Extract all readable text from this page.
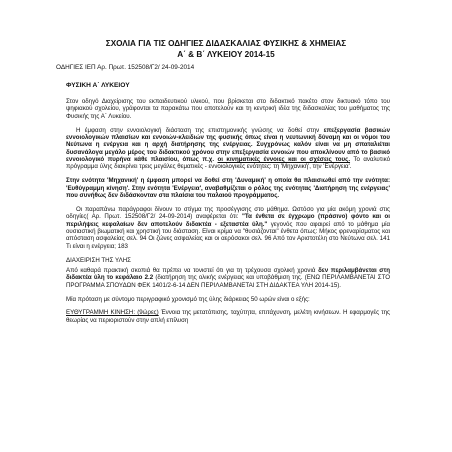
ΣΧΟΛΙΑ ΓΙΑ ΤΙΣ ΟΔΗΓΙΕΣ ΔΙΔΑΣΚΑΛΙΑΣ ΦΥΣΙΚΗΣ & ΧΗΜΕΙΑΣ
Α΄ & Β΄ ΛΥΚΕΙΟΥ 2014-15
ΟΔΗΓΙΕΣ ΙΕΠ Αρ. Πρωτ. 152508/Γ2/ 24-09-2014
ΦΥΣΙΚΗ Α΄ ΛΥΚΕΙΟΥ

Στον οδηγό Διαχείρισης του εκπαιδευτικού υλικού, που βρίσκεται στο διδακτικό πακέτο στον δικτυακό τόπο του ψηφιακού σχολείου, γράφονται τα παρακάτω που αποτελούν και τη κεντρική ιδέα της διδασκαλίας του μαθήματος της Φυσικής της Α΄ Λυκείου.

Η έμφαση στην εννοιολογική διάσταση της επιστημονικής γνώσης να δοθεί στην επεξεργασία βασικών εννοιολογικών πλαισίων και εννοιών-κλειδιών της φυσικής όπως είναι η νευτωνική δύναμη και οι νόμοι του Νεύτωνα η ενέργεια και η αρχή διατήρησης της ενέργειας. Συγχρόνως καλόν είναι να μη σπαταλιέται δυσανάλογα μεγάλο μέρος του διδακτικού χρόνου στην επεξεργασία εννοιών που αποκλίνουν από το βασικό εννοιολογικό πυρήνα κάθε πλαισίου, όπως π.χ. οι κινηματικές έννοιες και οι σχέσεις τους. Το αναλυτικό πρόγραμμα ύλης διακρίνει τρεις μεγάλες θεματικές - εννοιολογικές ενότητες: τη 'Μηχανική', την 'Ενέργεια'.

Στην ενότητα 'Μηχανική' η έμφαση μπορεί να δοθεί στη 'Δυναμική' η οποία θα πλαισιωθεί από την ενότητα: 'Ευθύγραμμη κίνηση'. Στην ενότητα 'Ενέργεια', αναβαθμίζεται ο ρόλος της ενότητας 'Διατήρηση της ενέργειας' που συνήθως δεν διδάσκονταν στα πλαίσια του παλαιού προγράμματος.

Οι παραπάνω παράγραφοι δίνουν το στίγμα της προσέγγισης στο μάθημα. Ωστόσο για μία ακόμη χρονιά στις οδηγίες( Αρ. Πρωτ. 152508/Γ2/ 24-09-2014) αναφέρεται ότι: "Τα ένθετα σε έγχρωμο (πράσινο) φόντο και οι περιλήψεις κεφαλαίων δεν αποτελούν διδακτέα - εξεταστέα ύλη." γεγονός που αφαιρεί από το μάθημα μία ουσιαστική βιωματική και χρηστική του διάσταση. Είναι κρίμα να "θυσιάζονται" ένθετα όπως: Μήκος φρεναρίσματος και απόσταση ασφαλείας σελ. 94 Οι ζώνες ασφαλείας και οι αερόσακοι σελ. 96 Από τον Αριστοτέλη στο Νεύτωνα σελ. 141 Τι είναι η ενέργεια; 183

ΔΙΑΧΕΙΡΙΣΗ ΤΗΣ ΥΛΗΣ

Από καθαρά πρακτική σκοπιά θα πρέπει να τονιστεί ότι για τη τρέχουσα σχολική χρονιά δεν περιλαμβάνεται στη διδακτέα ύλη το κεφάλαιο 2.2 (διατήρηση της ολικής ενέργειας και υποβάθμιση της. (ΕΝΩ ΠΕΡΙΛΑΜΒΑΝΕΤΑΙ ΣΤΟ ΠΡΟΓΡΑΜΜΑ ΣΠΟΥΔΩΝ ΦΕΚ 1401/2-6-14 ΔΕΝ ΠΕΡΙΛΑΜΒΑΝΕΤΑΙ ΣΤΗ ΔΙΔΑΚΤΕΑ ΥΛΗ 2014-15).

Μία πρόταση με σύντομο περιγραφικό χρονισμό της ύλης διάρκειας 50 ωρών είναι ο εξής:

ΕΥΘΥΓΡΑΜΜΗ ΚΙΝΗΣΗ: (9ώρες) Έννοια της μετατόπισης, ταχύτητα, επιτάχυνση, μελέτη κινήσεων. Η εφαρμογές της θεωρίας να περιοριστούν στην απλή επίλυση
